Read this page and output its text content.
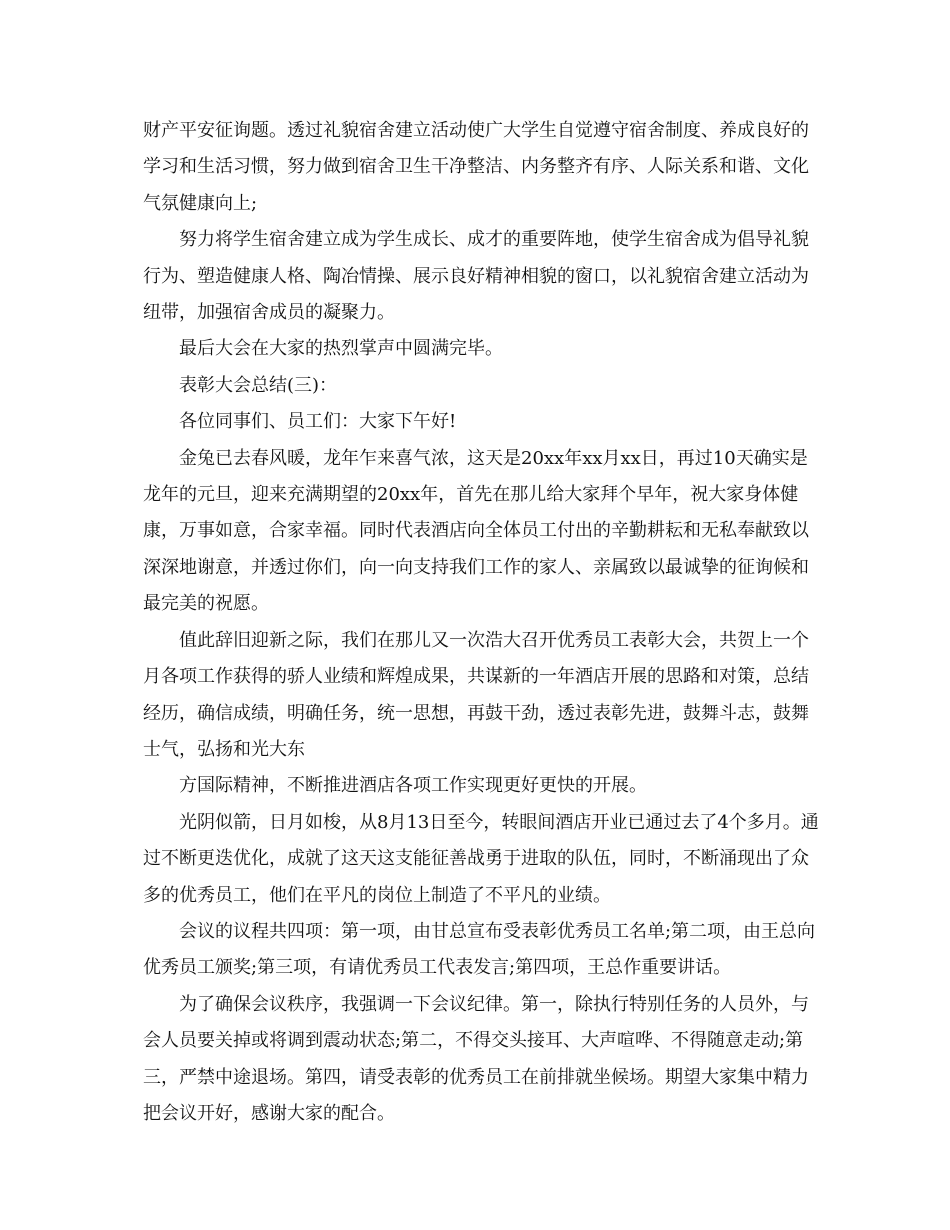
财产平安征询题。透过礼貌宿舍建立活动使广大学生自觉遵守宿舍制度、养成良好的学习和生活习惯，努力做到宿舍卫生干净整洁、内务整齐有序、人际关系和谐、文化气氛健康向上;

努力将学生宿舍建立成为学生成长、成才的重要阵地，使学生宿舍成为倡导礼貌行为、塑造健康人格、陶冶情操、展示良好精神相貌的窗口，以礼貌宿舍建立活动为纽带，加强宿舍成员的凝聚力。

最后大会在大家的热烈掌声中圆满完毕。

表彰大会总结(三)：

各位同事们、员工们：大家下午好!

金兔已去春风暖，龙年乍来喜气浓，这天是20xx年xx月xx日，再过10天确实是龙年的元旦，迎来充满期望的20xx年，首先在那儿给大家拜个早年，祝大家身体健康，万事如意，合家幸福。同时代表酒店向全体员工付出的辛勤耕耘和无私奉献致以深深地谢意，并透过你们，向一向支持我们工作的家人、亲属致以最诚挚的征询候和最完美的祝愿。

值此辞旧迎新之际，我们在那儿又一次浩大召开优秀员工表彰大会，共贺上一个月各项工作获得的骄人业绩和辉煌成果，共谋新的一年酒店开展的思路和对策，总结经历，确信成绩，明确任务，统一思想，再鼓干劲，透过表彰先进，鼓舞斗志，鼓舞士气，弘扬和光大东

方国际精神，不断推进酒店各项工作实现更好更快的开展。

光阴似箭，日月如梭，从8月13日至今，转眼间酒店开业已通过去了4个多月。通过不断更迭优化，成就了这天这支能征善战勇于进取的队伍，同时，不断涌现出了众多的优秀员工，他们在平凡的岗位上制造了不平凡的业绩。

会议的议程共四项：第一项，由甘总宣布受表彰优秀员工名单;第二项，由王总向优秀员工颁奖;第三项，有请优秀员工代表发言;第四项，王总作重要讲话。

为了确保会议秩序，我强调一下会议纪律。第一，除执行特别任务的人员外，与会人员要关掉或将调到震动状态;第二，不得交头接耳、大声喧哗、不得随意走动;第三，严禁中途退场。第四，请受表彰的优秀员工在前排就坐候场。期望大家集中精力把会议开好，感谢大家的配合。
